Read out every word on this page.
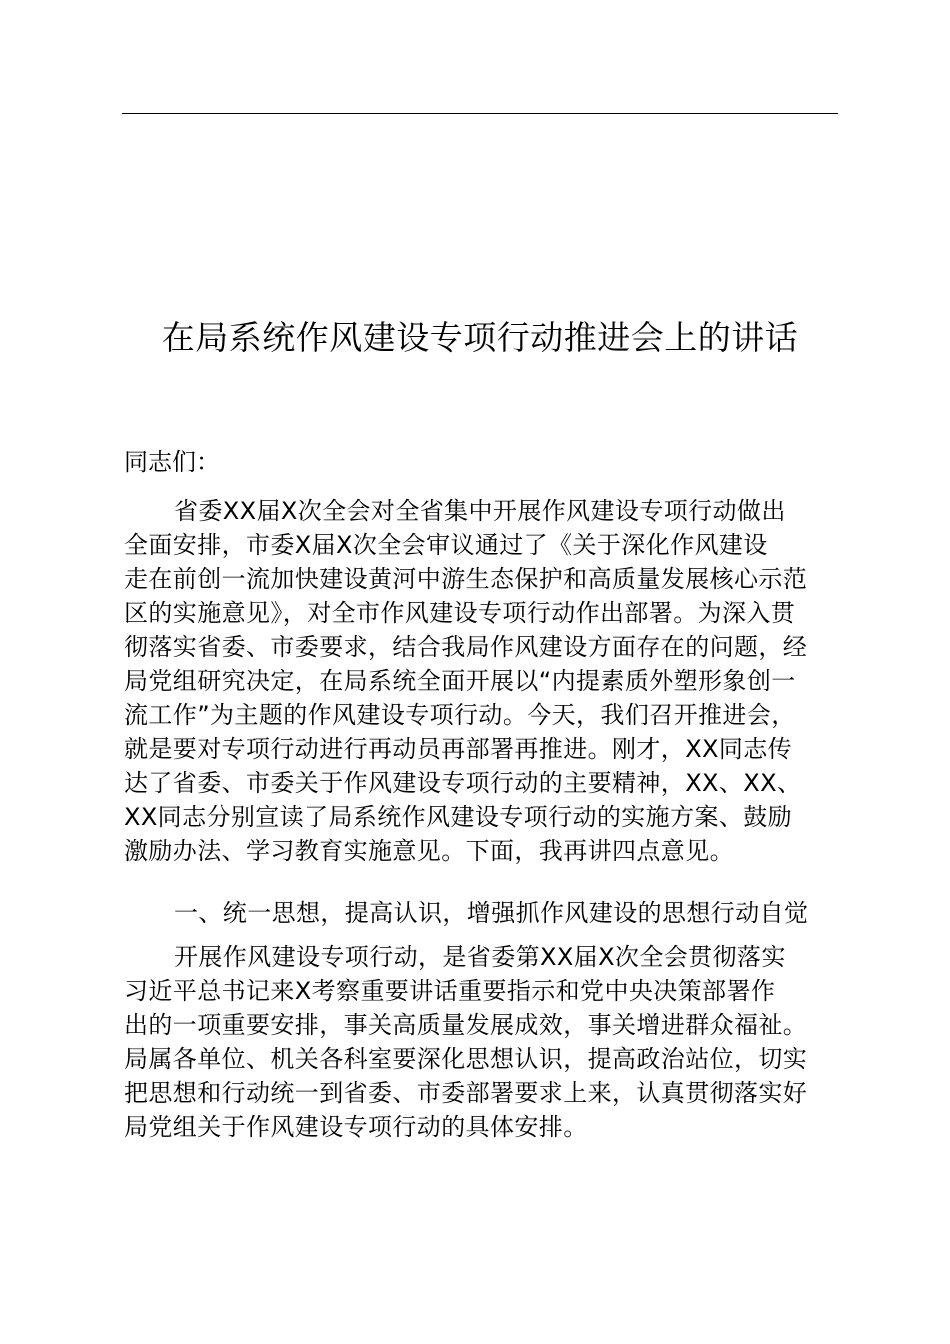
在局系统作风建设专项行动推进会上的讲话
同志们：
省委XX届X次全会对全省集中开展作风建设专项行动做出
全面安排，市委X届X次全会审议通过了《关于深化作风建设
走在前创一流加快建设黄河中游生态保护和高质量发展核心示范
区的实施意见》，对全市作风建设专项行动作出部署。为深入贯
彻落实省委、市委要求，结合我局作风建设方面存在的问题，经
局党组研究决定，在局系统全面开展以“内提素质外塑形象创一
流工作”为主题的作风建设专项行动。今天，我们召开推进会，
就是要对专项行动进行再动员再部署再推进。刚才，XX同志传
达了省委、市委关于作风建设专项行动的主要精神，XX、XX、
XX同志分别宣读了局系统作风建设专项行动的实施方案、鼓励
激励办法、学习教育实施意见。下面，我再讲四点意见。
一、统一思想，提高认识，增强抓作风建设的思想行动自觉
开展作风建设专项行动，是省委第XX届X次全会贯彻落实
习近平总书记来X考察重要讲话重要指示和党中央决策部署作
出的一项重要安排，事关高质量发展成效，事关增进群众福祉。
局属各单位、机关各科室要深化思想认识，提高政治站位，切实
把思想和行动统一到省委、市委部署要求上来，认真贯彻落实好
局党组关于作风建设专项行动的具体安排。
